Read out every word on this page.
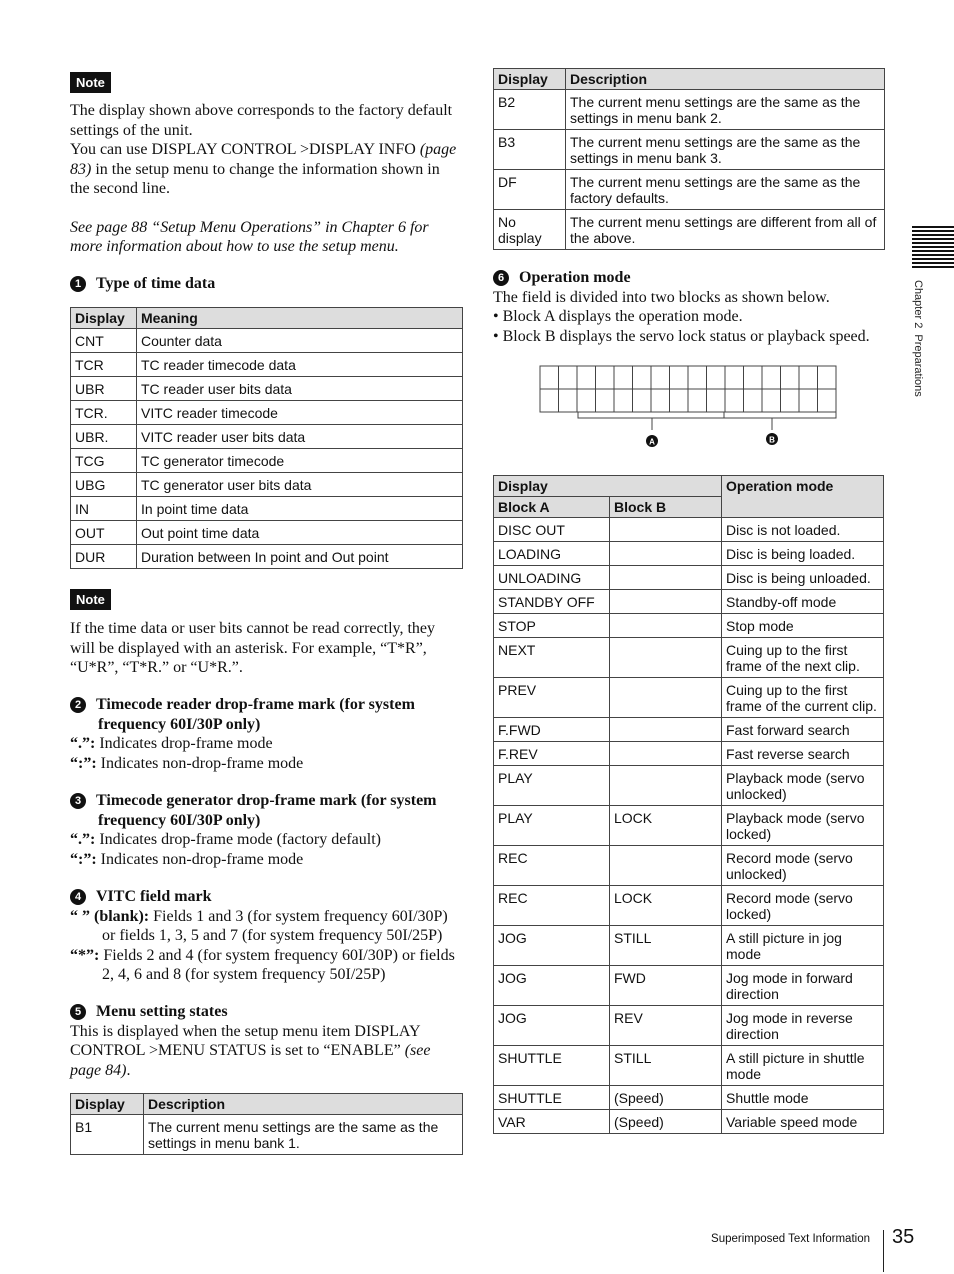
Note
The display shown above corresponds to the factory default settings of the unit.
You can use DISPLAY CONTROL >DISPLAY INFO (page 83) in the setup menu to change the information shown in the second line.
See page 88 “Setup Menu Operations” in Chapter 6 for more information about how to use the setup menu.
1 Type of time data
Display	Meaning
CNT	Counter data
TCR	TC reader timecode data
UBR	TC reader user bits data
TCR.	VITC reader timecode
UBR.	VITC reader user bits data
TCG	TC generator timecode
UBG	TC generator user bits data
IN	In point time data
OUT	Out point time data
DUR	Duration between In point and Out point
Note
If the time data or user bits cannot be read correctly, they will be displayed with an asterisk. For example, “T*R”, “U*R”, “T*R.” or “U*R.”.
2 Timecode reader drop-frame mark (for system frequency 60I/30P only)
“.”: Indicates drop-frame mode
“:”: Indicates non-drop-frame mode
3 Timecode generator drop-frame mark (for system frequency 60I/30P only)
“.”: Indicates drop-frame mode (factory default)
“:”: Indicates non-drop-frame mode
4 VITC field mark
“ ” (blank): Fields 1 and 3 (for system frequency 60I/30P) or fields 1, 3, 5 and 7 (for system frequency 50I/25P)
“*”: Fields 2 and 4 (for system frequency 60I/30P) or fields 2, 4, 6 and 8 (for system frequency 50I/25P)
5 Menu setting states
This is displayed when the setup menu item DISPLAY CONTROL >MENU STATUS is set to “ENABLE” (see page 84).
Display	Description
B1	The current menu settings are the same as the settings in menu bank 1.
Display	Description
B2	The current menu settings are the same as the settings in menu bank 2.
B3	The current menu settings are the same as the settings in menu bank 3.
DF	The current menu settings are the same as the factory defaults.
No display	The current menu settings are different from all of the above.
6 Operation mode
The field is divided into two blocks as shown below.
• Block A displays the operation mode.
• Block B displays the servo lock status or playback speed.
A	B
Display		Operation mode
Block A	Block B	
DISC OUT		Disc is not loaded.
LOADING		Disc is being loaded.
UNLOADING		Disc is being unloaded.
STANDBY OFF		Standby-off mode
STOP		Stop mode
NEXT		Cuing up to the first frame of the next clip.
PREV		Cuing up to the first frame of the current clip.
F.FWD		Fast forward search
F.REV		Fast reverse search
PLAY		Playback mode (servo unlocked)
PLAY	LOCK	Playback mode (servo locked)
REC		Record mode (servo unlocked)
REC	LOCK	Record mode (servo locked)
JOG	STILL	A still picture in jog mode
JOG	FWD	Jog mode in forward direction
JOG	REV	Jog mode in reverse direction
SHUTTLE	STILL	A still picture in shuttle mode
SHUTTLE	(Speed)	Shuttle mode
VAR	(Speed)	Variable speed mode
Chapter 2  Preparations
Superimposed Text Information 35
